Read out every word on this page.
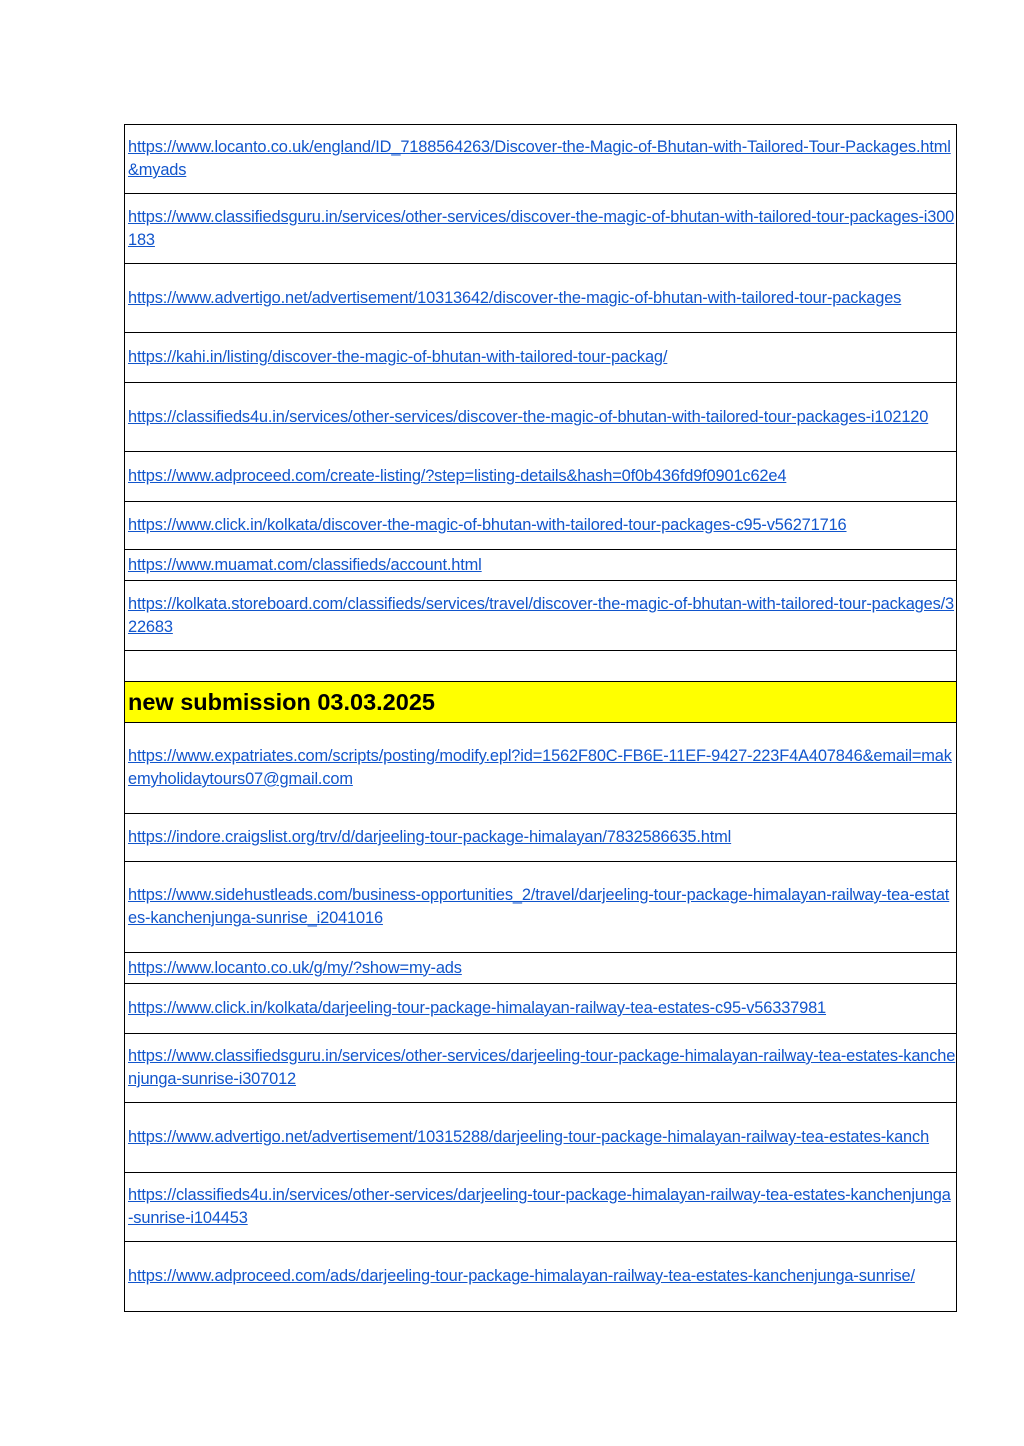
https://www.locanto.co.uk/england/ID_7188564263/Discover-the-Magic-of-Bhutan-with-Tailored-Tour-Packages.html&myads
https://www.classifiedsguru.in/services/other-services/discover-the-magic-of-bhutan-with-tailored-tour-packages-i300183
https://www.advertigo.net/advertisement/10313642/discover-the-magic-of-bhutan-with-tailored-tour-packages
https://kahi.in/listing/discover-the-magic-of-bhutan-with-tailored-tour-packag/
https://classifieds4u.in/services/other-services/discover-the-magic-of-bhutan-with-tailored-tour-packages-i102120
https://www.adproceed.com/create-listing/?step=listing-details&hash=0f0b436fd9f0901c62e4
https://www.click.in/kolkata/discover-the-magic-of-bhutan-with-tailored-tour-packages-c95-v56271716
https://www.muamat.com/classifieds/account.html
https://kolkata.storeboard.com/classifieds/services/travel/discover-the-magic-of-bhutan-with-tailored-tour-packages/322683

new submission 03.03.2025
https://www.expatriates.com/scripts/posting/modify.epl?id=1562F80C-FB6E-11EF-9427-223F4A407846&email=makemyholidaytours07@gmail.com
https://indore.craigslist.org/trv/d/darjeeling-tour-package-himalayan/7832586635.html
https://www.sidehustleads.com/business-opportunities_2/travel/darjeeling-tour-package-himalayan-railway-tea-estates-kanchenjunga-sunrise_i2041016
https://www.locanto.co.uk/g/my/?show=my-ads
https://www.click.in/kolkata/darjeeling-tour-package-himalayan-railway-tea-estates-c95-v56337981
https://www.classifiedsguru.in/services/other-services/darjeeling-tour-package-himalayan-railway-tea-estates-kanchenjunga-sunrise-i307012
https://www.advertigo.net/advertisement/10315288/darjeeling-tour-package-himalayan-railway-tea-estates-kanch
https://classifieds4u.in/services/other-services/darjeeling-tour-package-himalayan-railway-tea-estates-kanchenjunga-sunrise-i104453
https://www.adproceed.com/ads/darjeeling-tour-package-himalayan-railway-tea-estates-kanchenjunga-sunrise/
